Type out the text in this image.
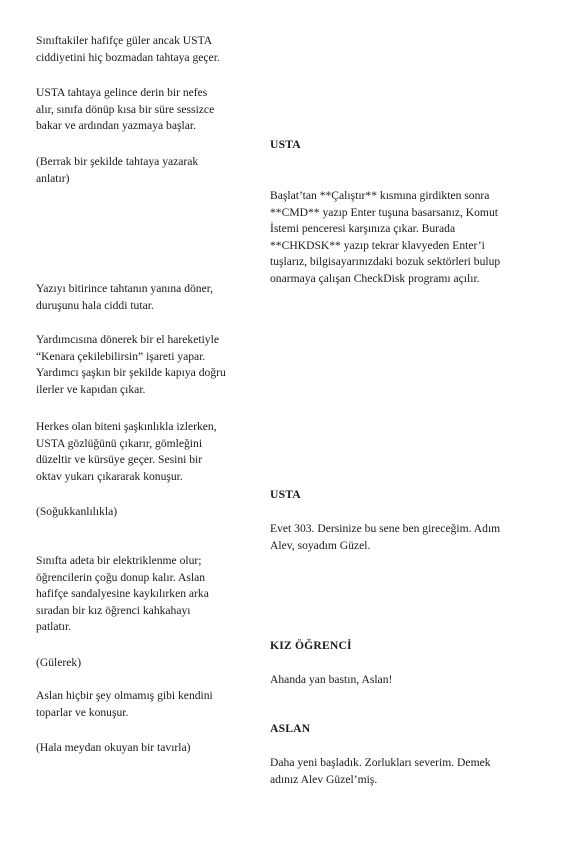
Sınıftakiler hafifçe güler ancak USTA
ciddiyetini hiç bozmadan tahtaya geçer.

USTA tahtaya gelince derin bir nefes
alır, sınıfa dönüp kısa bir süre sessizce
bakar ve ardından yazmaya başlar.

(Berrak bir şekilde tahtaya yazarak
anlatır)

Yazıyı bitirince tahtanın yanına döner,
duruşunu hala ciddi tutar.

Yardımcısına dönerek bir el hareketiyle
“Kenara çekilebilirsin” işareti yapar.
Yardımcı şaşkın bir şekilde kapıya doğru
ilerler ve kapıdan çıkar.

Herkes olan biteni şaşkınlıkla izlerken,
USTA gözlüğünü çıkarır, gömleğini
düzeltir ve kürsüye geçer. Sesini bir
oktav yukarı çıkararak konuşur.

(Soğukkanlılıkla)

Sınıfta adeta bir elektriklenme olur;
öğrencilerin çoğu donup kalır. Aslan
hafifçe sandalyesine kaykılırken arka
sıradan bir kız öğrenci kahkahayı
patlatır.

(Gülerek)

Aslan hiçbir şey olmamış gibi kendini
toparlar ve konuşur.

(Hala meydan okuyan bir tavırla)

USTA

Başlat’tan **Çalıştır** kısmına girdikten sonra
**CMD** yazıp Enter tuşuna basarsanız, Komut
İstemi penceresi karşınıza çıkar. Burada
**CHKDSK** yazıp tekrar klavyeden Enter’i
tuşlarız, bilgisayarınızdaki bozuk sektörleri bulup
onarmaya çalışan CheckDisk programı açılır.

USTA

Evet 303. Dersinize bu sene ben gireceğim. Adım
Alev, soyadım Güzel.

KIZ ÖĞRENCİ

Ahanda yan bastın, Aslan!

ASLAN

Daha yeni başladık. Zorlukları severim. Demek
adınız Alev Güzel’miş.
